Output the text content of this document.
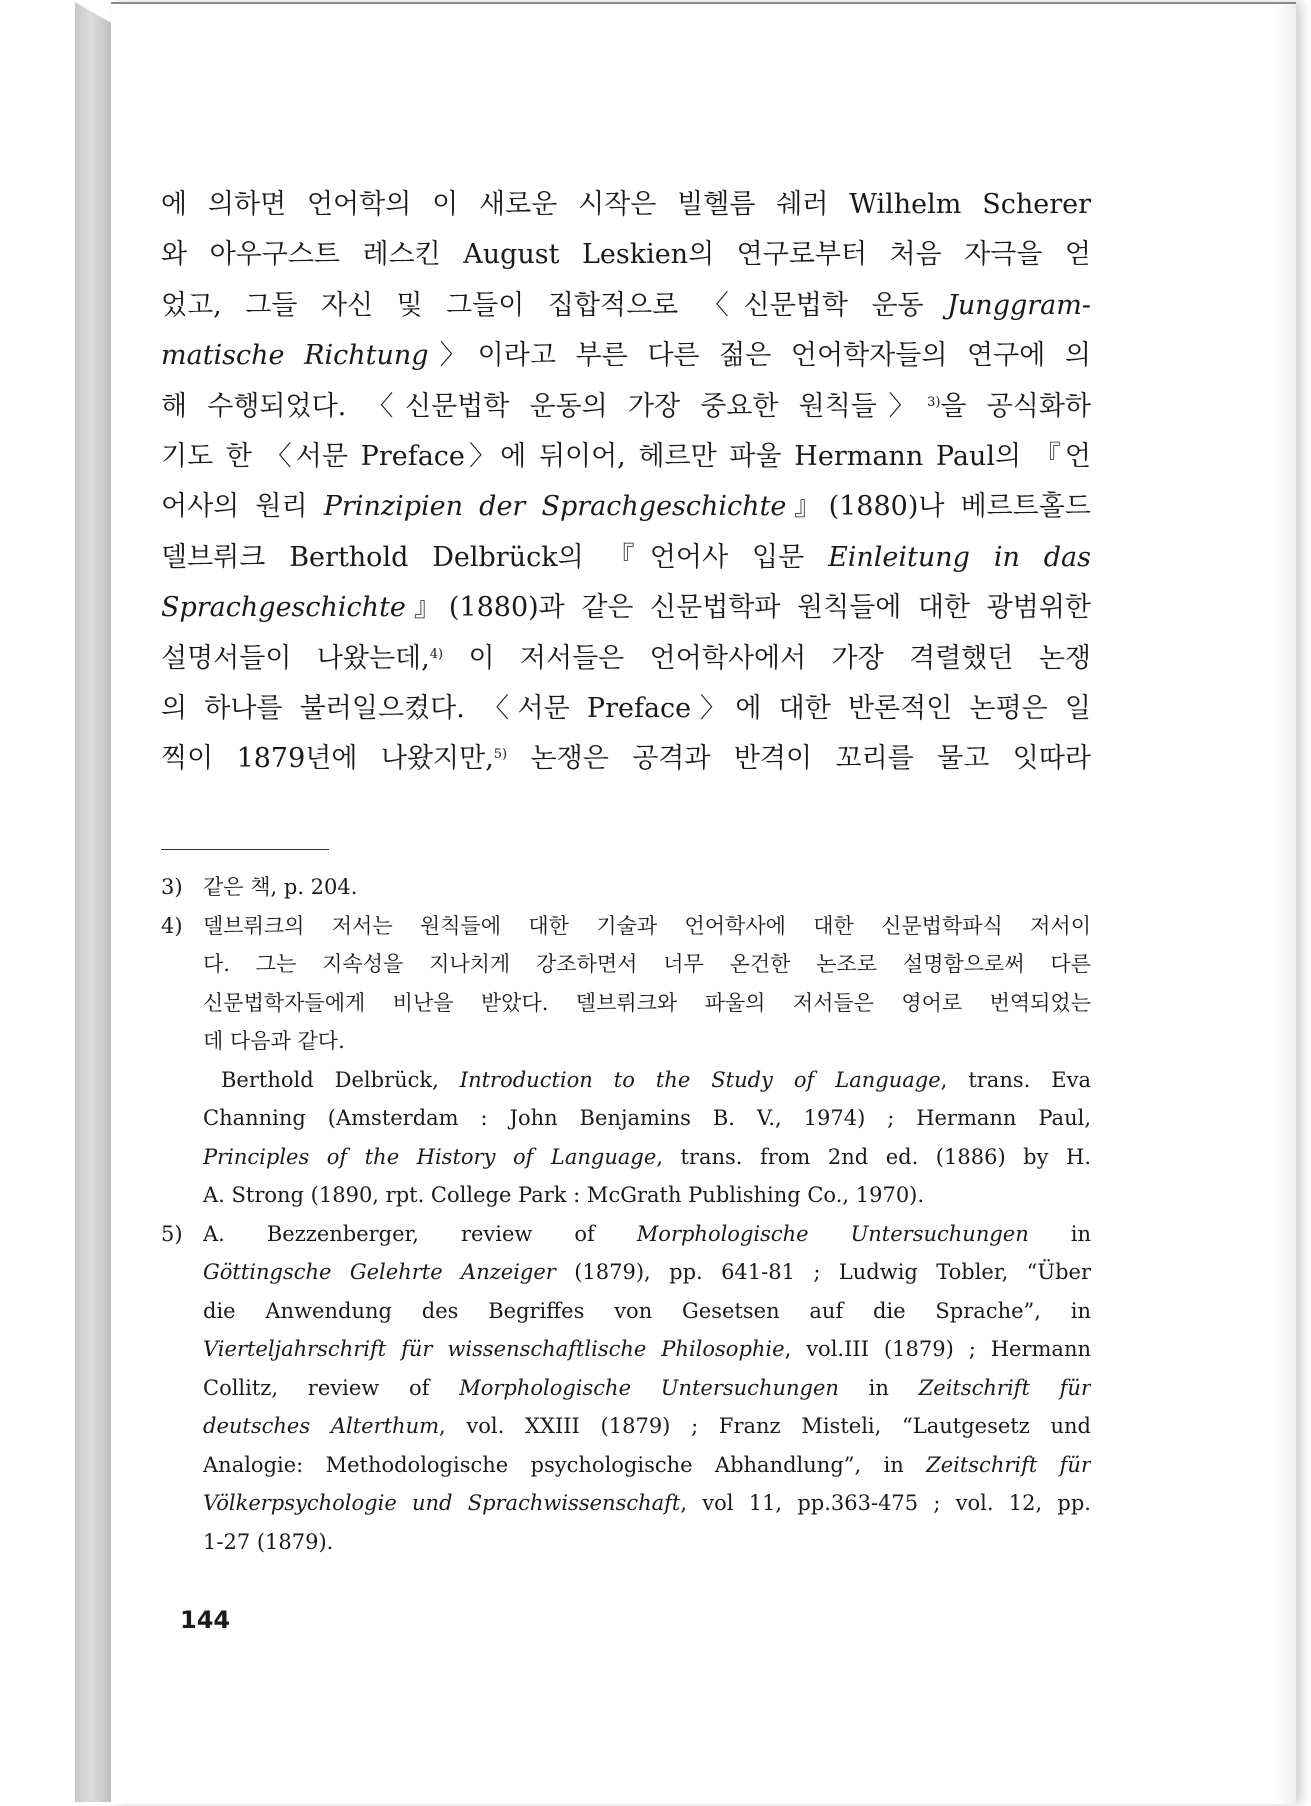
에 의하면 언어학의 이 새로운 시작은 빌헬름 쉐러 Wilhelm Scherer
와 아우구스트 레스킨 August Leskien의 연구로부터 처음 자극을 얻
었고, 그들 자신 및 그들이 집합적으로 〈신문법학 운동 Junggram-
matische Richtung〉이라고 부른 다른 젊은 언어학자들의 연구에 의
해 수행되었다. 〈신문법학 운동의 가장 중요한 원칙들〉$^{3)}$을 공식화하
기도 한 〈서문 Preface〉에 뒤이어, 헤르만 파울 Hermann Paul의 『언
어사의 원리 Prinzipien der Sprachgeschichte』(1880)나 베르트홀드
델브뤼크 Berthold Delbrück의 『언어사 입문 Einleitung in das
Sprachgeschichte』(1880)과 같은 신문법학파 원칙들에 대한 광범위한
설명서들이 나왔는데,$^{4)}$ 이 저서들은 언어학사에서 가장 격렬했던 논쟁
의 하나를 불러일으켰다. 〈서문 Preface〉에 대한 반론적인 논평은 일
찍이 1879년에 나왔지만,$^{5)}$ 논쟁은 공격과 반격이 꼬리를 물고 잇따라
3) 같은 책, p. 204.
4) 델브뤼크의 저서는 원칙들에 대한 기술과 언어학사에 대한 신문법학파식 저서이
다. 그는 지속성을 지나치게 강조하면서 너무 온건한 논조로 설명함으로써 다른
신문법학자들에게 비난을 받았다. 델브뤼크와 파울의 저서들은 영어로 번역되었는
데 다음과 같다.
Berthold Delbrück, Introduction to the Study of Language, trans. Eva
Channing (Amsterdam : John Benjamins B. V., 1974) ; Hermann Paul,
Principles of the History of Language, trans. from 2nd ed. (1886) by H.
A. Strong (1890, rpt. College Park : McGrath Publishing Co., 1970).
5) A. Bezzenberger, review of Morphologische Untersuchungen in
Göttingsche Gelehrte Anzeiger (1879), pp. 641-81 ; Ludwig Tobler, “Über
die Anwendung des Begriffes von Gesetsen auf die Sprache”, in
Vierteljahrschrift für wissenschaftlische Philosophie, vol.III (1879) ; Hermann
Collitz, review of Morphologische Untersuchungen in Zeitschrift für
deutsches Alterthum, vol. XXIII (1879) ; Franz Misteli, “Lautgesetz und
Analogie: Methodologische psychologische Abhandlung”, in Zeitschrift für
Völkerpsychologie und Sprachwissenschaft, vol 11, pp.363-475 ; vol. 12, pp.
1-27 (1879).
144
